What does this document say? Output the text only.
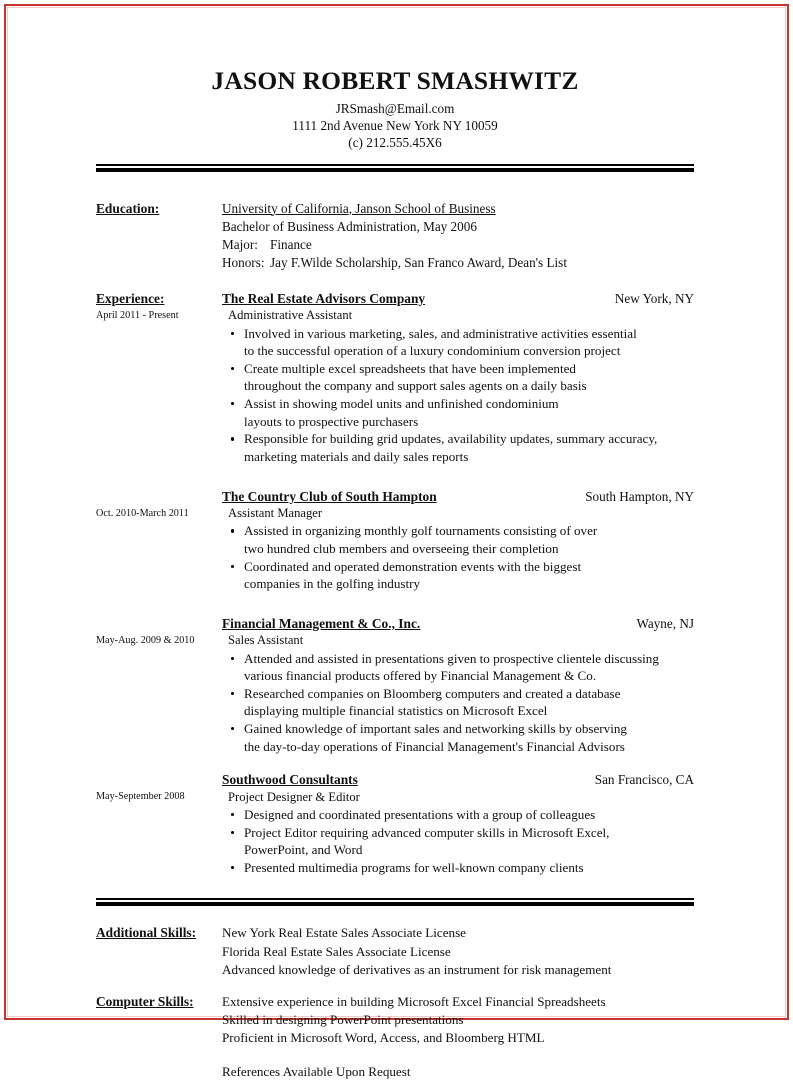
JASON ROBERT SMASHWITZ
JRSmash@Email.com
1111 2nd Avenue New York NY 10059
(c) 212.555.45X6
Education:	University of California, Janson School of Business
Bachelor of Business Administration, May 2006
Major: Finance
Honors: Jay F.Wilde Scholarship, San Franco Award, Dean's List
Experience:
April 2011 - Present
The Real Estate Advisors Company	New York, NY
Administrative Assistant
Involved in various marketing, sales, and administrative activities essential
to the successful operation of a luxury condominium conversion project
Create multiple excel spreadsheets that have been implemented
throughout the company and support sales agents on a daily basis
Assist in showing model units and unfinished condominium
layouts to prospective purchasers
Responsible for building grid updates, availability updates, summary accuracy,
marketing materials and daily sales reports
Oct. 2010-March 2011
The Country Club of South Hampton	South Hampton, NY
Assistant Manager
Assisted in organizing monthly golf tournaments consisting of over
two hundred club members and overseeing their completion
Coordinated and operated demonstration events with the biggest
companies in the golfing industry
May-Aug. 2009 & 2010
Financial Management & Co., Inc.	Wayne, NJ
Sales Assistant
Attended and assisted in presentations given to prospective clientele discussing
various financial products offered by Financial Management & Co.
Researched companies on Bloomberg computers and created a database
displaying multiple financial statistics on Microsoft Excel
Gained knowledge of important sales and networking skills by observing
the day-to-day operations of Financial Management's Financial Advisors
May-September 2008
Southwood Consultants	San Francisco, CA
Project Designer & Editor
Designed and coordinated presentations with a group of colleagues
Project Editor requiring advanced computer skills in Microsoft Excel,
PowerPoint, and Word
Presented multimedia programs for well-known company clients
Additional Skills:	New York Real Estate Sales Associate License
Florida Real Estate Sales Associate License
Advanced knowledge of derivatives as an instrument for risk management
Computer Skills:	Extensive experience in building Microsoft Excel Financial Spreadsheets
Skilled in designing PowerPoint presentations
Proficient in Microsoft Word, Access, and Bloomberg HTML
References Available Upon Request
